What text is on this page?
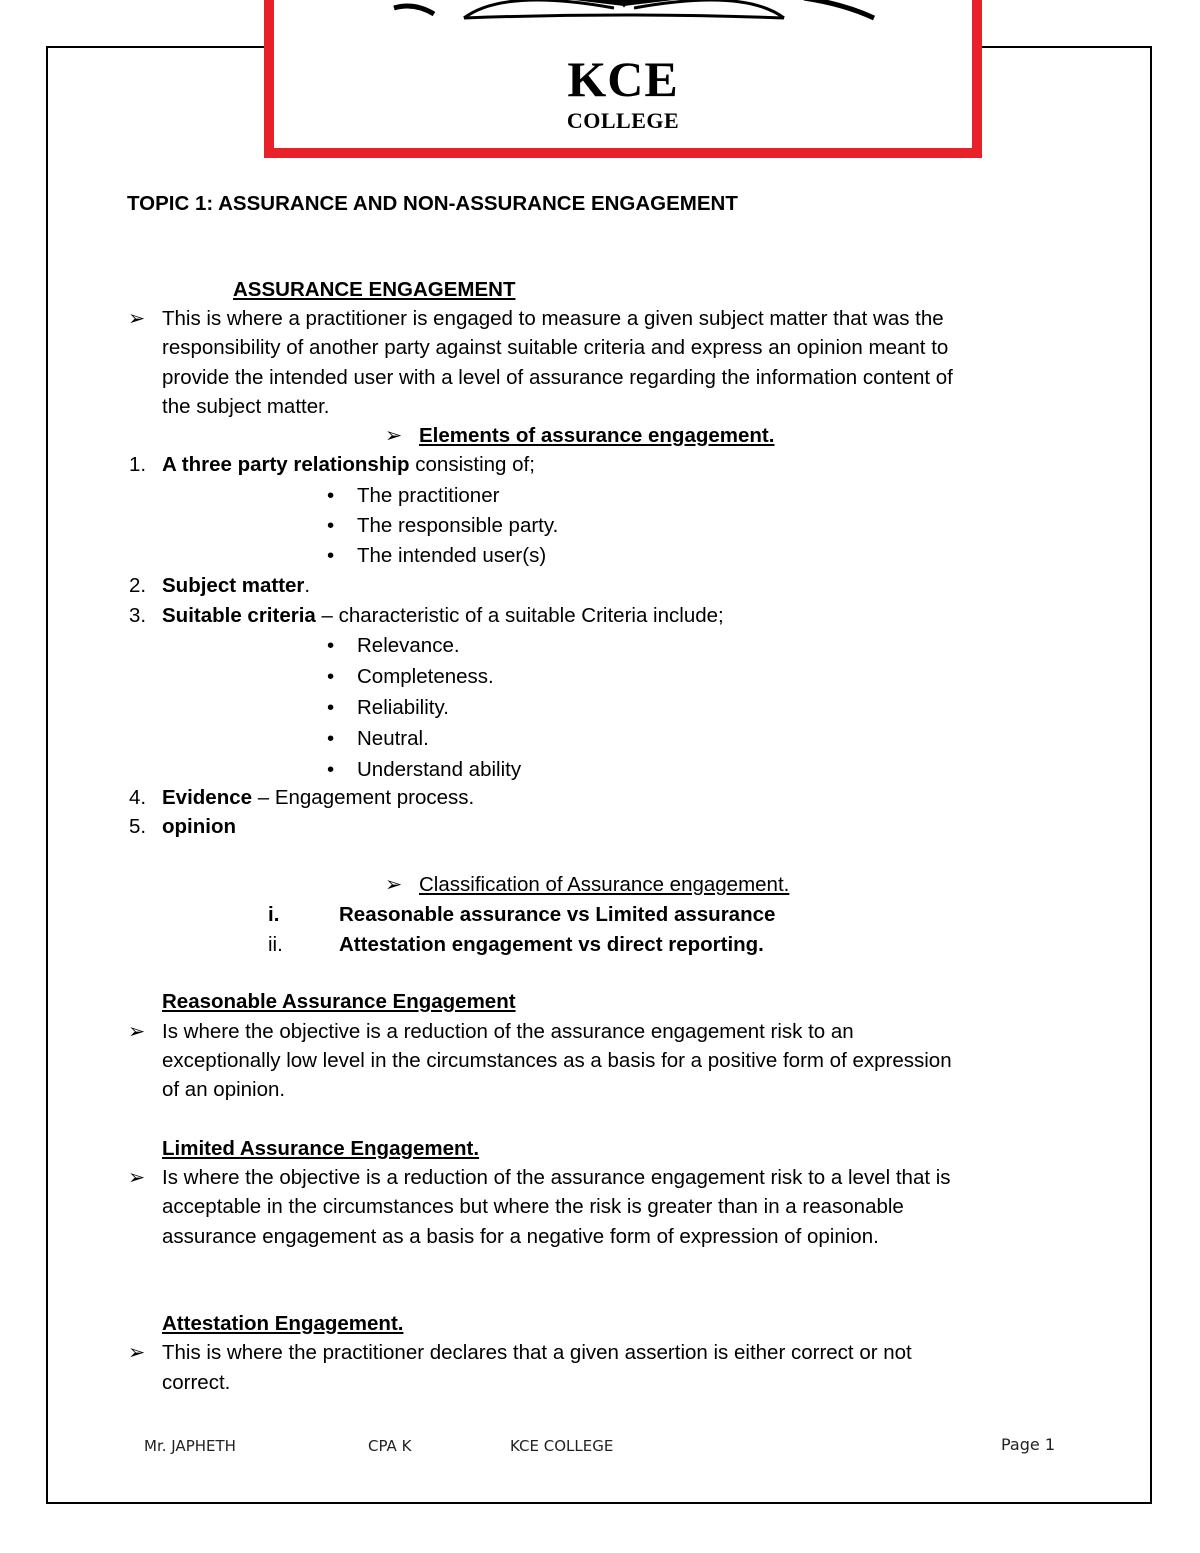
KCE
COLLEGE
TOPIC 1: ASSURANCE AND NON-ASSURANCE ENGAGEMENT
ASSURANCE ENGAGEMENT
➢ This is where a practitioner is engaged to measure a given subject matter that was the
responsibility of another party against suitable criteria and express an opinion meant to
provide the intended user with a level of assurance regarding the information content of
the subject matter.
➢ Elements of assurance engagement.
1. A three party relationship consisting of;
• The practitioner
• The responsible party.
• The intended user(s)
2. Subject matter.
3. Suitable criteria – characteristic of a suitable Criteria include;
• Relevance.
• Completeness.
• Reliability.
• Neutral.
• Understand ability
4. Evidence – Engagement process.
5. opinion
➢ Classification of Assurance engagement.
i.	Reasonable assurance vs Limited assurance
ii.	Attestation engagement vs direct reporting.
Reasonable Assurance Engagement
➢ Is where the objective is a reduction of the assurance engagement risk to an
exceptionally low level in the circumstances as a basis for a positive form of expression
of an opinion.
Limited Assurance Engagement.
➢ Is where the objective is a reduction of the assurance engagement risk to a level that is
acceptable in the circumstances but where the risk is greater than in a reasonable
assurance engagement as a basis for a negative form of expression of opinion.
Attestation Engagement.
➢ This is where the practitioner declares that a given assertion is either correct or not
correct.
Mr. JAPHETH	CPA K	KCE COLLEGE	Page 1
